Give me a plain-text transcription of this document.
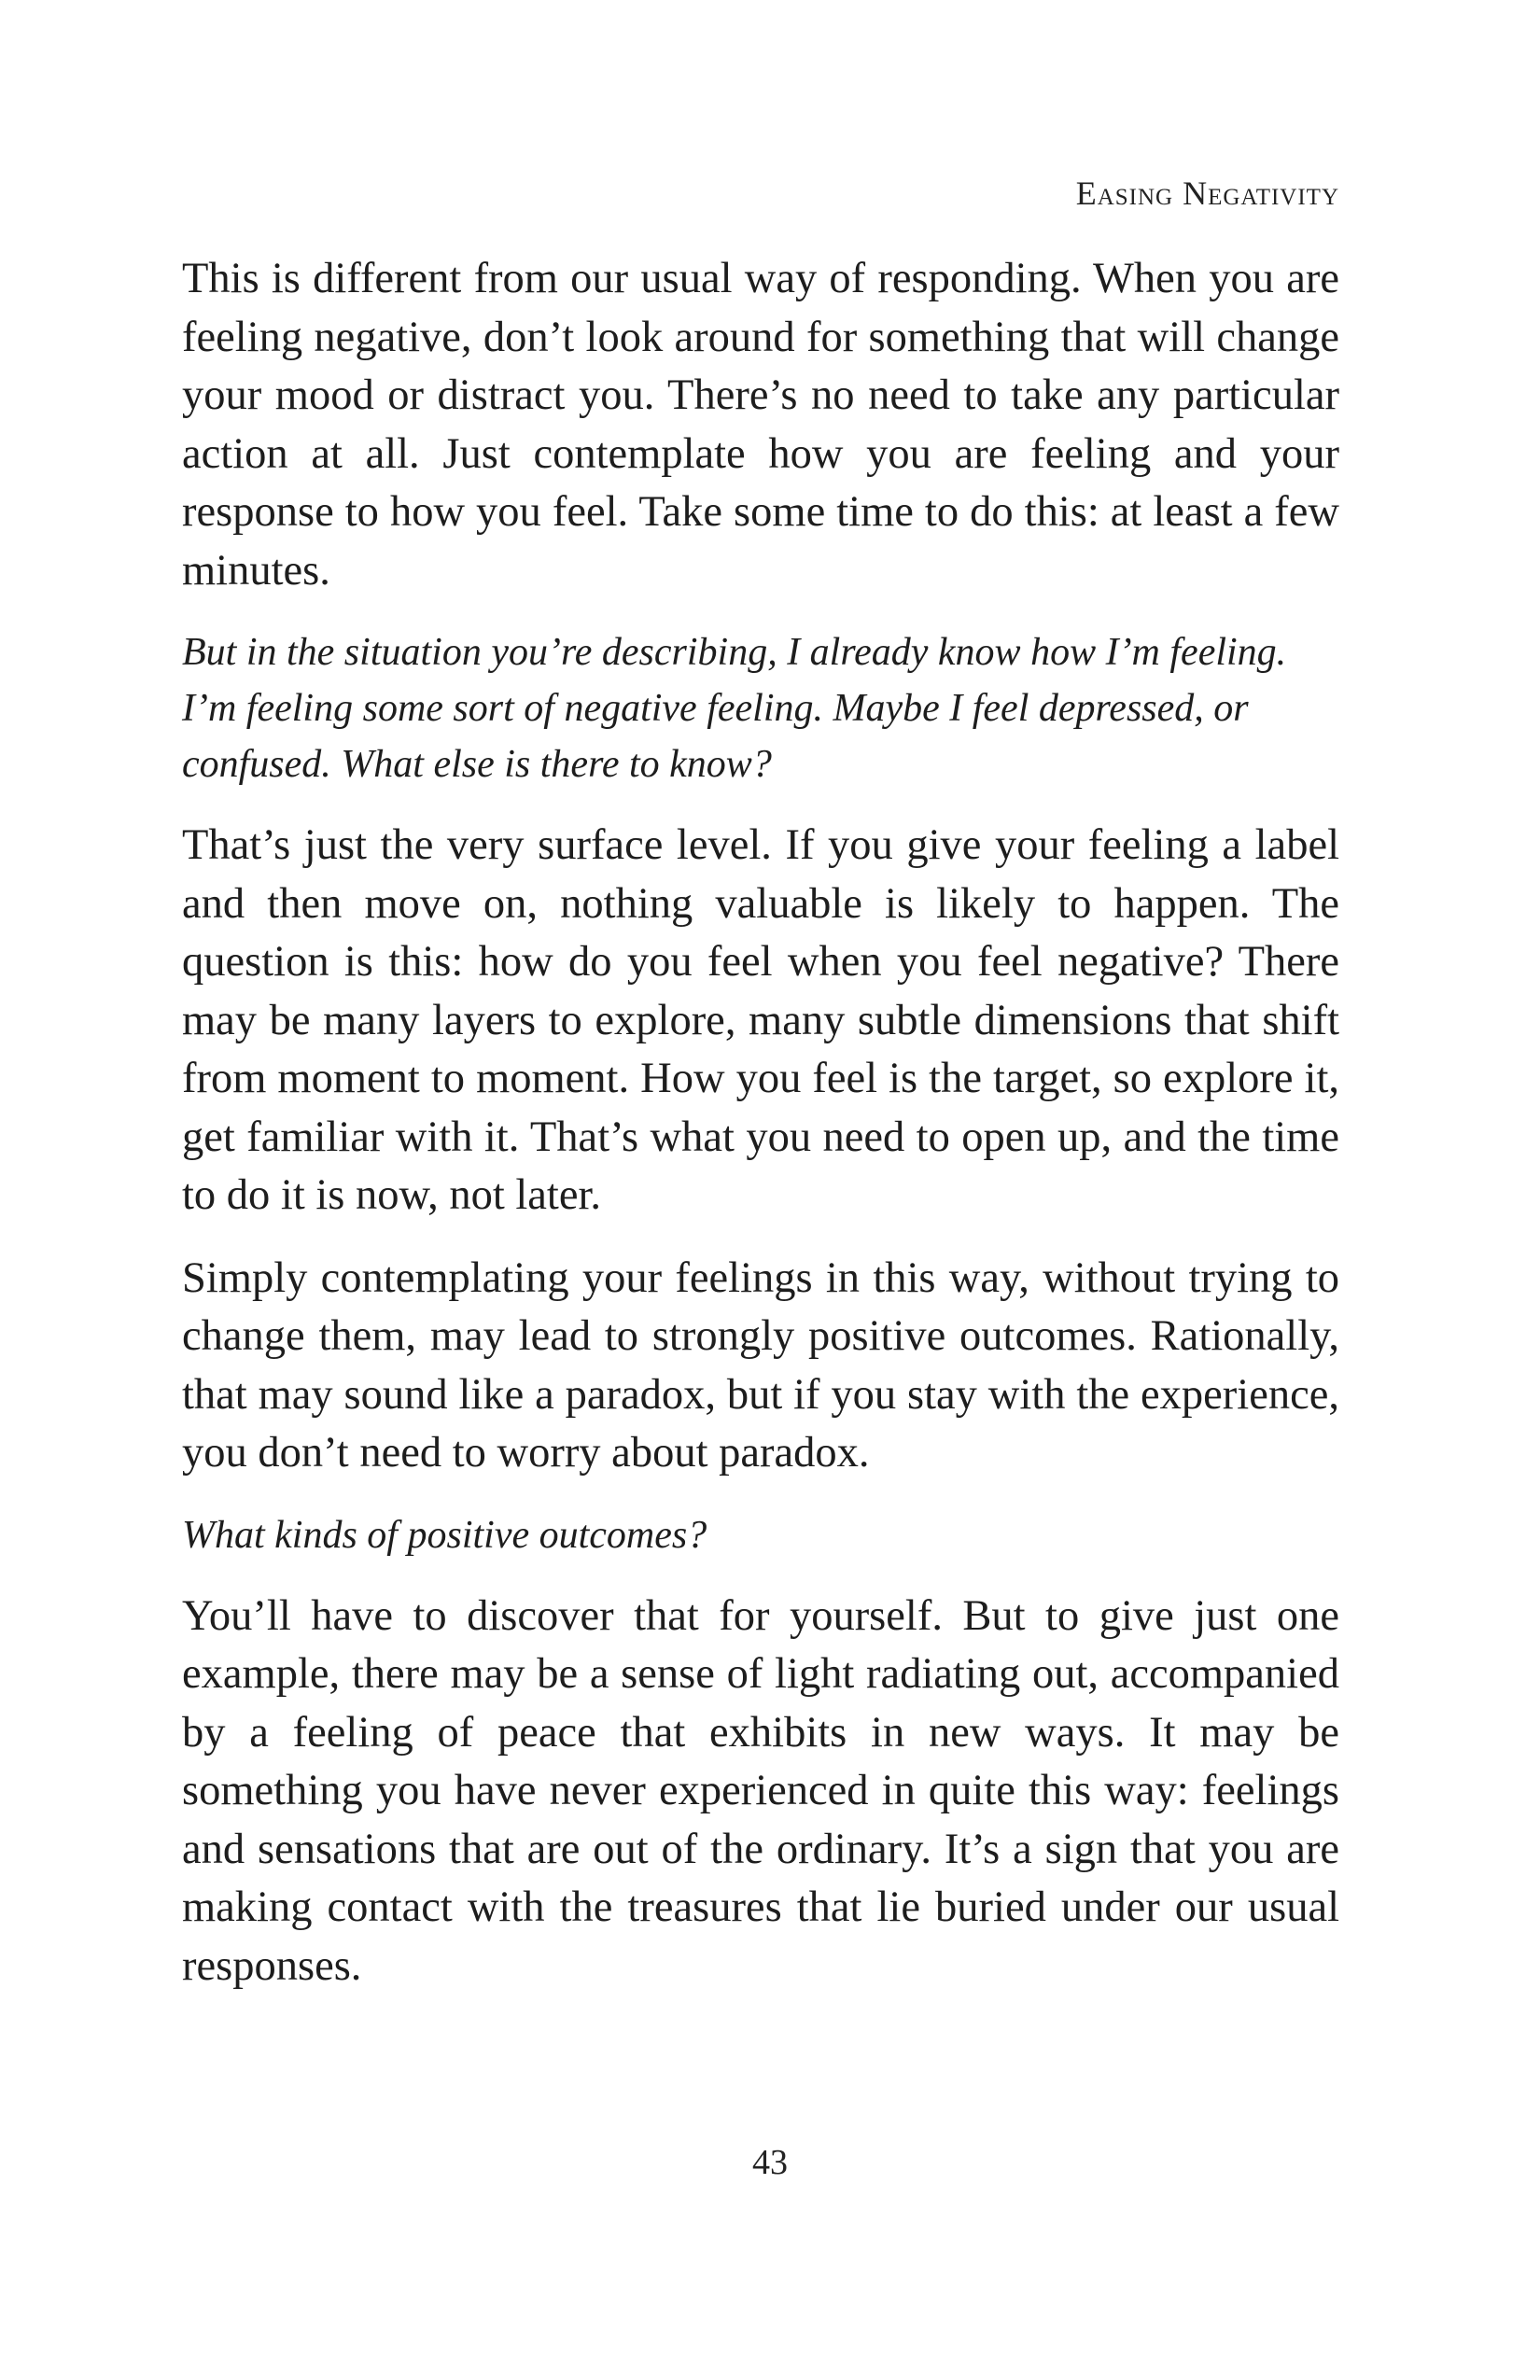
Easing Negativity

This is different from our usual way of responding. When you are feeling negative, don’t look around for something that will change your mood or distract you. There’s no need to take any particular action at all. Just contemplate how you are feeling and your response to how you feel. Take some time to do this: at least a few minutes.

But in the situation you’re describing, I already know how I’m feeling. I’m feeling some sort of negative feeling. Maybe I feel depressed, or confused. What else is there to know?

That’s just the very surface level. If you give your feeling a label and then move on, nothing valuable is likely to happen. The question is this: how do you feel when you feel negative? There may be many layers to explore, many subtle dimensions that shift from moment to moment. How you feel is the target, so explore it, get familiar with it. That’s what you need to open up, and the time to do it is now, not later.

Simply contemplating your feelings in this way, without trying to change them, may lead to strongly positive outcomes. Rationally, that may sound like a paradox, but if you stay with the experience, you don’t need to worry about paradox.

What kinds of positive outcomes?

You’ll have to discover that for yourself. But to give just one example, there may be a sense of light radiating out, accompanied by a feeling of peace that exhibits in new ways. It may be something you have never experienced in quite this way: feelings and sensations that are out of the ordinary. It’s a sign that you are making contact with the treasures that lie buried under our usual responses.

43
